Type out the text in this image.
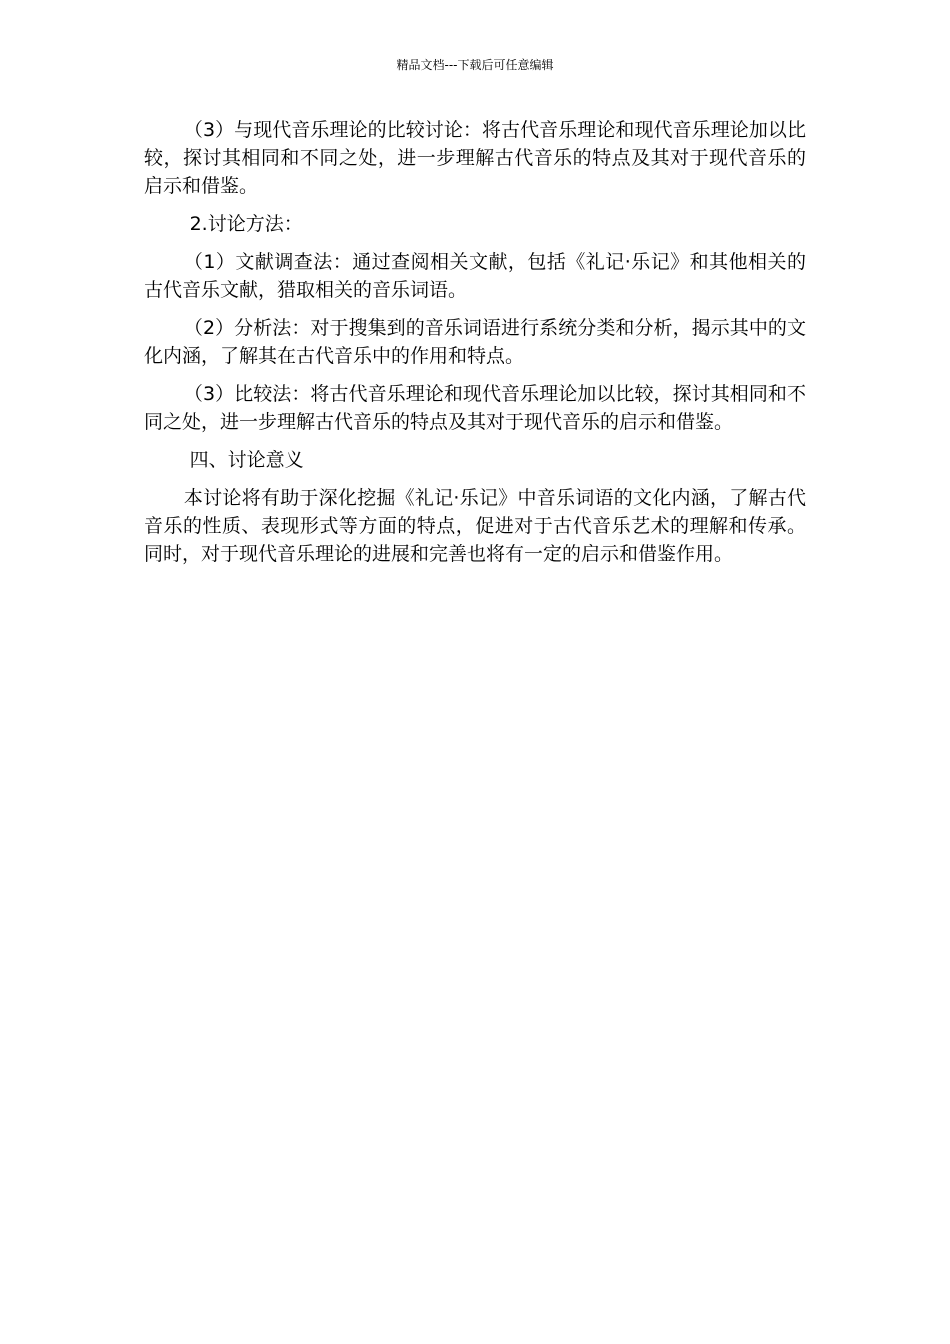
精品文档---下载后可任意编辑

（3）与现代音乐理论的比较讨论：将古代音乐理论和现代音乐理论加以比较，探讨其相同和不同之处，进一步理解古代音乐的特点及其对于现代音乐的启示和借鉴。

2.讨论方法：

（1）文献调查法：通过查阅相关文献，包括《礼记·乐记》和其他相关的古代音乐文献，猎取相关的音乐词语。

（2）分析法：对于搜集到的音乐词语进行系统分类和分析，揭示其中的文化内涵，了解其在古代音乐中的作用和特点。

（3）比较法：将古代音乐理论和现代音乐理论加以比较，探讨其相同和不同之处，进一步理解古代音乐的特点及其对于现代音乐的启示和借鉴。

四、讨论意义

本讨论将有助于深化挖掘《礼记·乐记》中音乐词语的文化内涵，了解古代音乐的性质、表现形式等方面的特点，促进对于古代音乐艺术的理解和传承。同时，对于现代音乐理论的进展和完善也将有一定的启示和借鉴作用。
